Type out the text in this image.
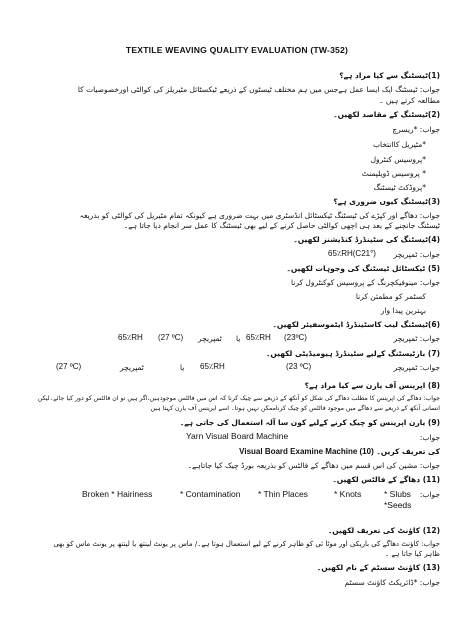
TEXTILE WEAVING QUALITY EVALUATION (TW-352)
(1)ٹیسٹنگ سے کیا مراد ہے؟
جواب: ٹیسٹنگ ایک ایسا عمل ہےجس میں ہم مختلف ٹیسٹوں کے ذریعے ٹیکسٹائل مٹیریلز کی کوالٹی اورخصوصیات کا
مطالعہ کرتے ہیں ۔
(2)ٹیسٹنگ کے مقاصد لکھیں۔
جواب: *ریسرچ
*مٹیریل کاانتخاب
*پروسیس کنٹرول
* پروسیس ڈویلپمنٹ
*پروڈکٹ ٹیسٹنگ
(3)ٹیسٹنگ کیوں ضروری ہے؟
جواب: دھاگے اور کپڑے کی ٹیسٹنگ ٹیکسٹائل انڈسٹری میں بہت ضروری ہے کیونکہ تمام مٹیریل کی کوالٹی کو بذریعہ
ٹیسٹنگ جانچنے کے بعد ہی اچھی کوالٹی حاصل کرنے کے لیے بھی ٹیسٹنگ کا عمل سر انجام دیا جاتا ہے۔
(4)ٹیسٹنگ کی سٹینڈرڈ کنڈیشنز لکھیں۔
جواب: ٹمپریچر
65٪RH(C21°)
(5) ٹیکسٹائل ٹیسٹنگ کی وجوہات لکھیں۔
جواب: مینوفیکچرنگ کے پروسیس کوکنٹرول کرنا
کسٹمر کو مطمئن کرنا
بہترین پیدا وار
(6)ٹیسٹنگ لیب کاسٹینڈرڈ ایٹموسفیئر لکھیں۔
جواب: ٹمپریچر
(23ºC)
65٪RH
یا
ٹمپریچر
(27 ºC)
65٪RH
(7) بارٹیسٹنگ کےلیے سٹینڈرڈ ہیومیڈیٹی لکھیں۔
جواب: ٹمپریچر
(23 ºC)
65٪RH
یا
ٹمپریچر
(27 ºC)
(8) اپرینس آف یارن سے کیا مراد ہے؟
جواب: دھاگے کی اپرینس کا مطلب دھاگے کی شکل کو آنکھ کے ذریعے سے چیک کرنا کہ اس میں فالٹس موجودہیں،اگر ہیں تو ان فالٹس کو دور کیا جائے۔لیکن
انسانی آنکھ کے ذریعے سے دھاگے میں موجود فالٹس کو چیک کرناممکن نہیں ہوتا۔ اسے اپرینس آف یارن کہتا ہیں
(9) یارن اپرینس کو چیک کرنے کےلیے کون سا آلہ استعمال کی جاتی ہے۔
جواب:
Yarn Visual Board Machine
کی تعریف کریں۔ Visual Board Examine Machine (10)
جواب: مشین کی اس قسم میں دھاگے کے فالٹس کو بذریعہ بورڈ چیک کیا جاتاہے۔
(11) دھاگے کے فالٹس لکھیں۔
جواب:
* Slubs
* Knots
* Thin Places
* Contamination
Broken * Hairiness
*Seeds
(12) کاؤنٹ کی تعریف لکھیں۔
جواب: کاؤنٹ دھاگے کی باریکی اور موٹا ئی کو ظاہر کرنے کے لیے استعمال ہوتا ہے۔/ ماس پر یونٹ لینتھ یا لینتھ پر یونٹ ماس کو بھی
ظاہر کیا جاتا ہے ۔
(13) کاؤنٹ سسٹم کے نام لکھیں۔
جواب: *ڈائریکٹ کاؤنٹ سسٹم
